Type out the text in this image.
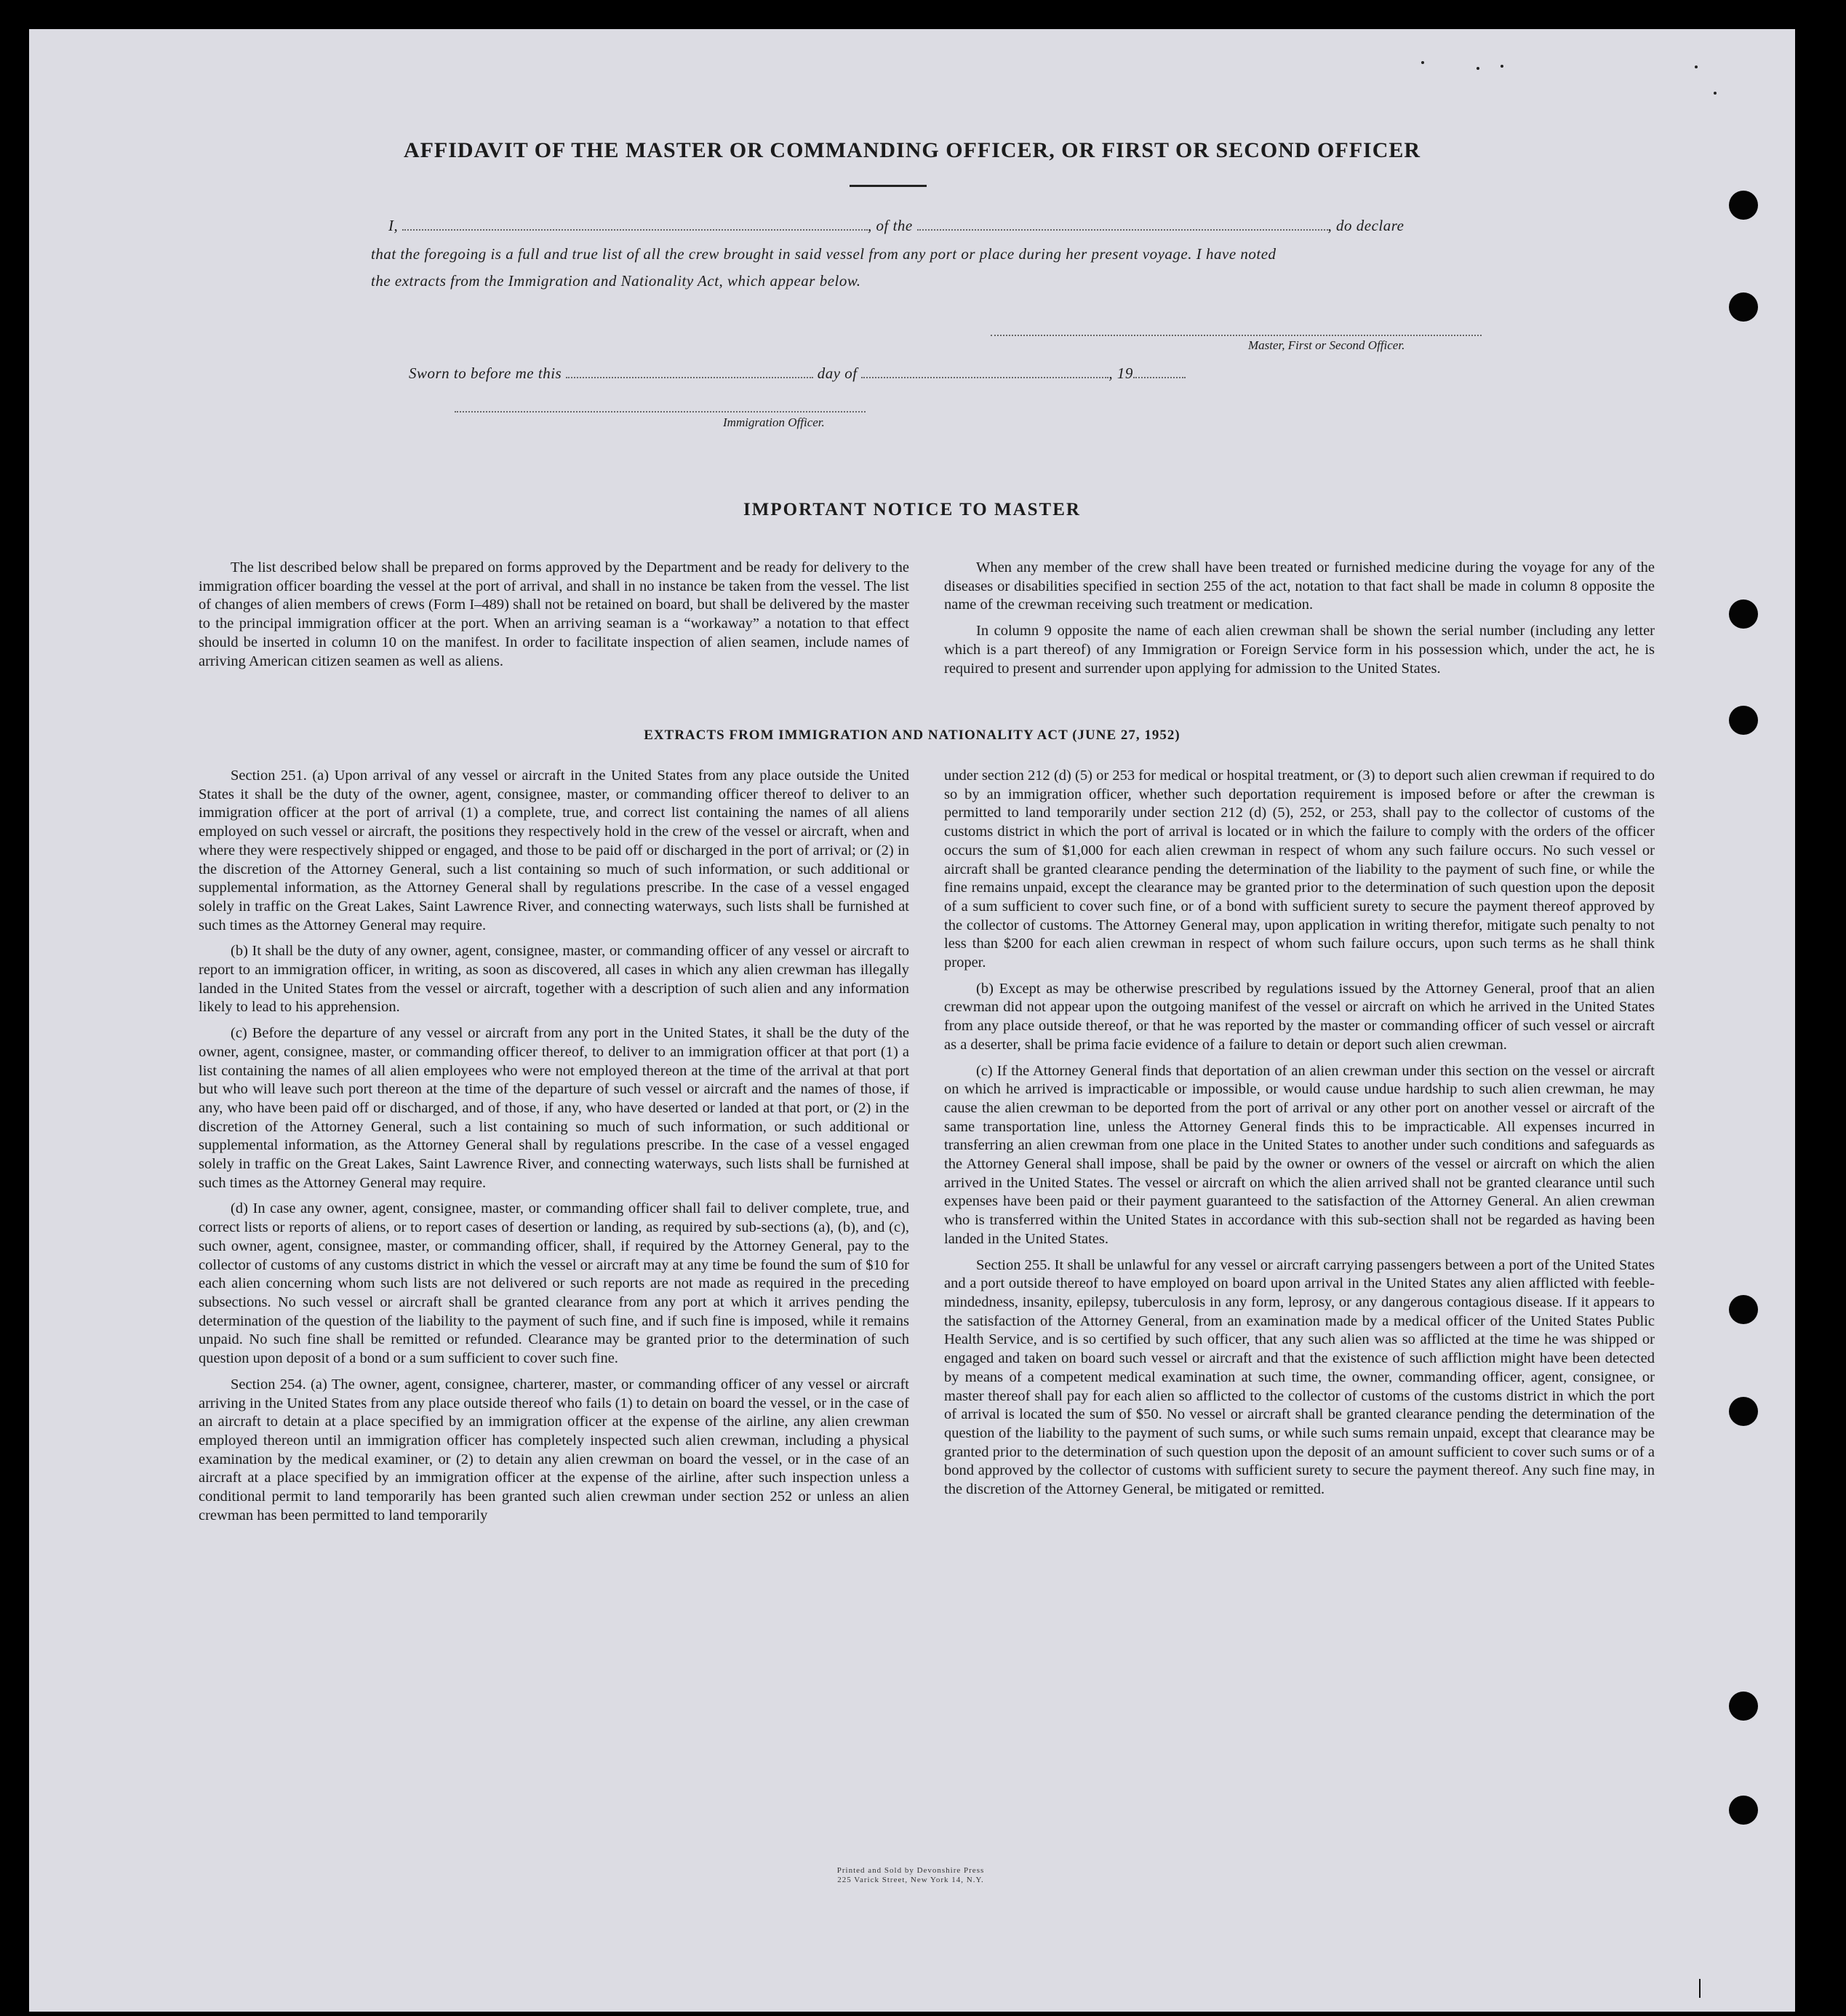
AFFIDAVIT OF THE MASTER OR COMMANDING OFFICER, OR FIRST OR SECOND OFFICER
I,	, of the	, do declare
that the foregoing is a full and true list of all the crew brought in said vessel from any port or place during her present voyage. I have noted
the extracts from the Immigration and Nationality Act, which appear below.
Master, First or Second Officer.
Sworn to before me this	day of	, 19
Immigration Officer.
IMPORTANT NOTICE TO MASTER

The list described below shall be prepared on forms approved by the Department and be ready for delivery to the immigration officer boarding the vessel at the port of arrival, and shall in no instance be taken from the vessel. The list of changes of alien members of crews (Form I–489) shall not be retained on board, but shall be delivered by the master to the principal immigration officer at the port. When an arriving seaman is a “workaway” a notation to that effect should be inserted in column 10 on the manifest. In order to facilitate inspection of alien seamen, include names of arriving American citizen seamen as well as aliens.

When any member of the crew shall have been treated or furnished medicine during the voyage for any of the diseases or disabilities specified in section 255 of the act, notation to that fact shall be made in column 8 opposite the name of the crewman receiving such treatment or medication.

In column 9 opposite the name of each alien crewman shall be shown the serial number (including any letter which is a part thereof) of any Immigration or Foreign Service form in his possession which, under the act, he is required to present and surrender upon applying for admission to the United States.

EXTRACTS FROM IMMIGRATION AND NATIONALITY ACT (JUNE 27, 1952)

Section 251. (a) Upon arrival of any vessel or aircraft in the United States from any place outside the United States it shall be the duty of the owner, agent, consignee, master, or commanding officer thereof to deliver to an immigration officer at the port of arrival (1) a complete, true, and correct list containing the names of all aliens employed on such vessel or aircraft, the positions they respectively hold in the crew of the vessel or aircraft, when and where they were respectively shipped or engaged, and those to be paid off or discharged in the port of arrival; or (2) in the discretion of the Attorney General, such a list containing so much of such information, or such additional or supplemental information, as the Attorney General shall by regulations prescribe. In the case of a vessel engaged solely in traffic on the Great Lakes, Saint Lawrence River, and connecting waterways, such lists shall be furnished at such times as the Attorney General may require.

(b) It shall be the duty of any owner, agent, consignee, master, or commanding officer of any vessel or aircraft to report to an immigration officer, in writing, as soon as discovered, all cases in which any alien crewman has illegally landed in the United States from the vessel or aircraft, together with a description of such alien and any information likely to lead to his apprehension.

(c) Before the departure of any vessel or aircraft from any port in the United States, it shall be the duty of the owner, agent, consignee, master, or commanding officer thereof, to deliver to an immigration officer at that port (1) a list containing the names of all alien employees who were not employed thereon at the time of the arrival at that port but who will leave such port thereon at the time of the departure of such vessel or aircraft and the names of those, if any, who have been paid off or discharged, and of those, if any, who have deserted or landed at that port, or (2) in the discretion of the Attorney General, such a list containing so much of such information, or such additional or supplemental information, as the Attorney General shall by regulations prescribe. In the case of a vessel engaged solely in traffic on the Great Lakes, Saint Lawrence River, and connecting waterways, such lists shall be furnished at such times as the Attorney General may require.

(d) In case any owner, agent, consignee, master, or commanding officer shall fail to deliver complete, true, and correct lists or reports of aliens, or to report cases of desertion or landing, as required by sub-sections (a), (b), and (c), such owner, agent, consignee, master, or commanding officer, shall, if required by the Attorney General, pay to the collector of customs of any customs district in which the vessel or aircraft may at any time be found the sum of $10 for each alien concerning whom such lists are not delivered or such reports are not made as required in the preceding subsections. No such vessel or aircraft shall be granted clearance from any port at which it arrives pending the determination of the question of the liability to the payment of such fine, and if such fine is imposed, while it remains unpaid. No such fine shall be remitted or refunded. Clearance may be granted prior to the determination of such question upon deposit of a bond or a sum sufficient to cover such fine.

Section 254. (a) The owner, agent, consignee, charterer, master, or commanding officer of any vessel or aircraft arriving in the United States from any place outside thereof who fails (1) to detain on board the vessel, or in the case of an aircraft to detain at a place specified by an immigration officer at the expense of the airline, any alien crewman employed thereon until an immigration officer has completely inspected such alien crewman, including a physical examination by the medical examiner, or (2) to detain any alien crewman on board the vessel, or in the case of an aircraft at a place specified by an immigration officer at the expense of the airline, after such inspection unless a conditional permit to land temporarily has been granted such alien crewman under section 252 or unless an alien crewman has been permitted to land temporarily

under section 212 (d) (5) or 253 for medical or hospital treatment, or (3) to deport such alien crewman if required to do so by an immigration officer, whether such deportation requirement is imposed before or after the crewman is permitted to land temporarily under section 212 (d) (5), 252, or 253, shall pay to the collector of customs of the customs district in which the port of arrival is located or in which the failure to comply with the orders of the officer occurs the sum of $1,000 for each alien crewman in respect of whom any such failure occurs. No such vessel or aircraft shall be granted clearance pending the determination of the liability to the payment of such fine, or while the fine remains unpaid, except the clearance may be granted prior to the determination of such question upon the deposit of a sum sufficient to cover such fine, or of a bond with sufficient surety to secure the payment thereof approved by the collector of customs. The Attorney General may, upon application in writing therefor, mitigate such penalty to not less than $200 for each alien crewman in respect of whom such failure occurs, upon such terms as he shall think proper.

(b) Except as may be otherwise prescribed by regulations issued by the Attorney General, proof that an alien crewman did not appear upon the outgoing manifest of the vessel or aircraft on which he arrived in the United States from any place outside thereof, or that he was reported by the master or commanding officer of such vessel or aircraft as a deserter, shall be prima facie evidence of a failure to detain or deport such alien crewman.

(c) If the Attorney General finds that deportation of an alien crewman under this section on the vessel or aircraft on which he arrived is impracticable or impossible, or would cause undue hardship to such alien crewman, he may cause the alien crewman to be deported from the port of arrival or any other port on another vessel or aircraft of the same transportation line, unless the Attorney General finds this to be impracticable. All expenses incurred in transferring an alien crewman from one place in the United States to another under such conditions and safeguards as the Attorney General shall impose, shall be paid by the owner or owners of the vessel or aircraft on which the alien arrived in the United States. The vessel or aircraft on which the alien arrived shall not be granted clearance until such expenses have been paid or their payment guaranteed to the satisfaction of the Attorney General. An alien crewman who is transferred within the United States in accordance with this sub-section shall not be regarded as having been landed in the United States.

Section 255. It shall be unlawful for any vessel or aircraft carrying passengers between a port of the United States and a port outside thereof to have employed on board upon arrival in the United States any alien afflicted with feeble-mindedness, insanity, epilepsy, tuberculosis in any form, leprosy, or any dangerous contagious disease. If it appears to the satisfaction of the Attorney General, from an examination made by a medical officer of the United States Public Health Service, and is so certified by such officer, that any such alien was so afflicted at the time he was shipped or engaged and taken on board such vessel or aircraft and that the existence of such affliction might have been detected by means of a competent medical examination at such time, the owner, commanding officer, agent, consignee, or master thereof shall pay for each alien so afflicted to the collector of customs of the customs district in which the port of arrival is located the sum of $50. No vessel or aircraft shall be granted clearance pending the determination of the question of the liability to the payment of such sums, or while such sums remain unpaid, except that clearance may be granted prior to the determination of such question upon the deposit of an amount sufficient to cover such sums or of a bond approved by the collector of customs with sufficient surety to secure the payment thereof. Any such fine may, in the discretion of the Attorney General, be mitigated or remitted.

Printed and Sold by Devonshire Press
225 Varick Street, New York 14, N.Y.
